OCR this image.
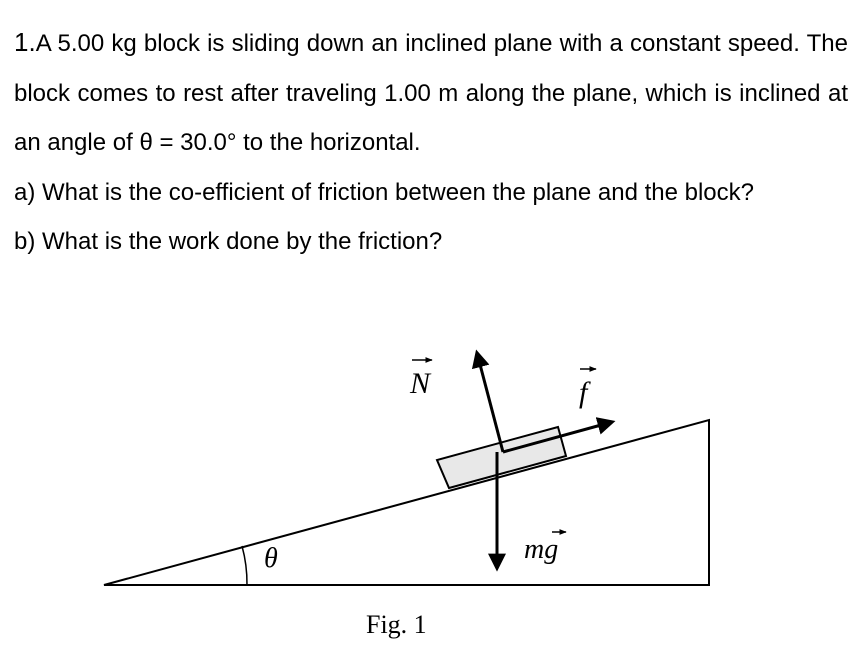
1.A 5.00 kg block is sliding down an inclined plane with a constant speed. The block comes to rest after traveling 1.00 m along the plane, which is inclined at an angle of θ = 30.0° to the horizontal.

a) What is the co-efficient of friction between the plane and the block?

b) What is the work done by the friction?

N	f
mg
θ
Fig. 1
